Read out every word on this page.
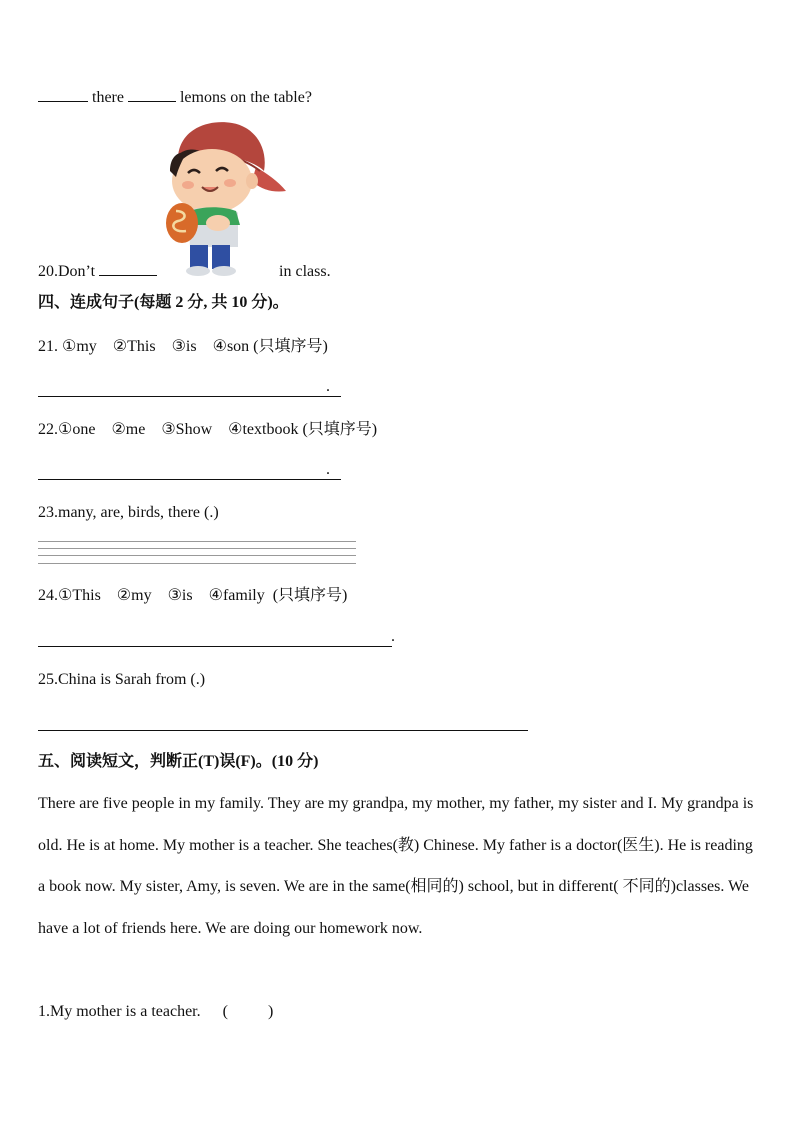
there	lemons on the table?
20.Don’t	in class.
四、连成句子(每题 2 分, 共 10 分)。
21. ①my    ②This    ③is    ④son (只填序号)
.
22.①one    ②me    ③Show    ④textbook (只填序号)
.
23.many, are, birds, there (.)
24.①This    ②my    ③is    ④family  (只填序号)
.
25.China is Sarah from (.)
五、阅读短文，判断正(T)误(F)。(10 分)
There are five people in my family. They are my grandpa, my mother, my father, my sister and I. My grandpa is old. He is at home. My mother is a teacher. She teaches(教) Chinese. My father is a doctor(医生). He is reading a book now. My sister, Amy, is seven. We are in the same(相同的) school, but in different( 不同的)classes. We have a lot of friends here. We are doing our homework now.
1.My mother is a teacher. (          )
